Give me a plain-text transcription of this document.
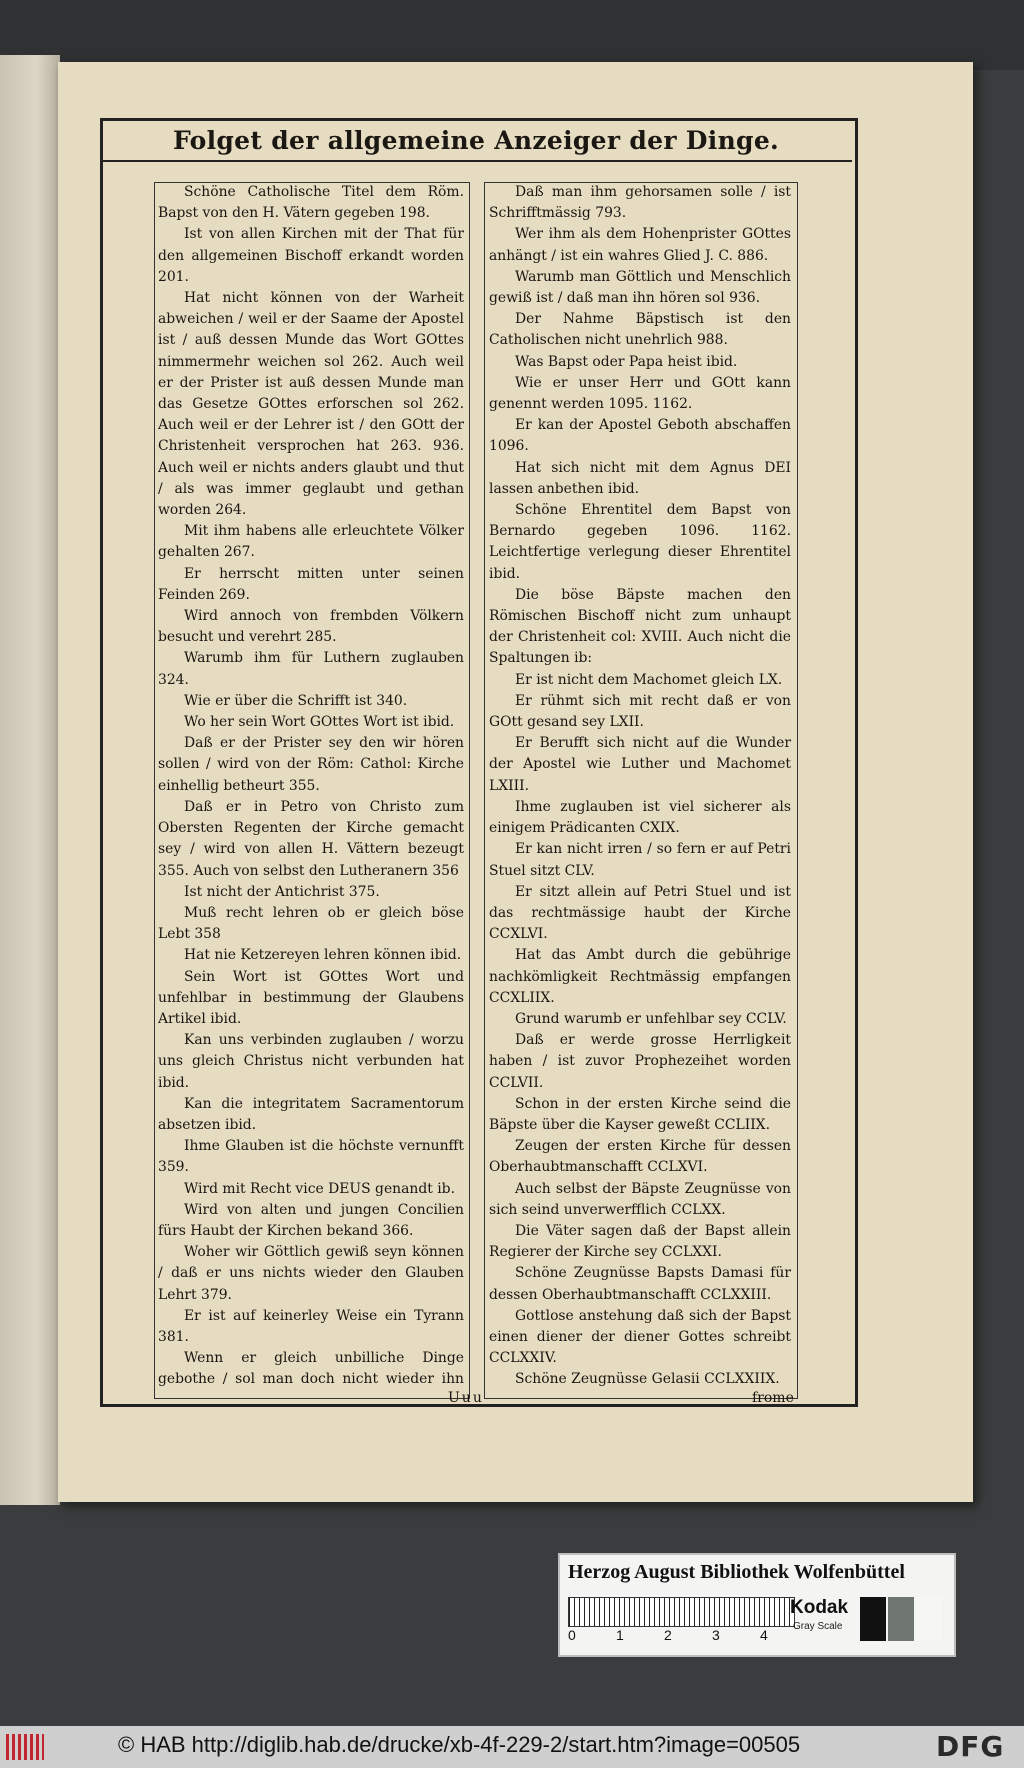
Folget der allgemeine Anzeiger der Dinge.

Schöne Catholische Titel dem Röm. Bapst von den H. Vätern gegeben 198.

Ist von allen Kirchen mit der That für den allgemeinen Bischoff erkandt worden 201.

Hat nicht können von der Warheit abweichen / weil er der Saame der Apostel ist / auß dessen Munde das Wort GOttes nimmermehr weichen sol 262. Auch weil er der Prister ist auß dessen Munde man das Gesetze GOttes erforschen sol 262. Auch weil er der Lehrer ist / den GOtt der Christenheit versprochen hat 263. 936. Auch weil er nichts anders glaubt und thut / als was immer geglaubt und gethan worden 264.

Mit ihm habens alle erleuchtete Völker gehalten 267.

Er herrscht mitten unter seinen Feinden 269.

Wird annoch von frembden Völkern besucht und verehrt 285.

Warumb ihm für Luthern zuglauben 324.

Wie er über die Schrifft ist 340.

Wo her sein Wort GOttes Wort ist ibid.

Daß er der Prister sey den wir hören sollen / wird von der Röm: Cathol: Kirche einhellig betheurt 355.

Daß er in Petro von Christo zum Obersten Regenten der Kirche gemacht sey / wird von allen H. Vättern bezeugt 355. Auch von selbst den Lutheranern 356

Ist nicht der Antichrist 375.

Muß recht lehren ob er gleich böse Lebt 358

Hat nie Ketzereyen lehren können ibid.

Sein Wort ist GOttes Wort und unfehlbar in bestimmung der Glaubens Artikel ibid.

Kan uns verbinden zuglauben / worzu uns gleich Christus nicht verbunden hat ibid.

Kan die integritatem Sacramentorum absetzen ibid.

Ihme Glauben ist die höchste vernunfft 359.

Wird mit Recht vice DEUS genandt ib.

Wird von alten und jungen Concilien fürs Haubt der Kirchen bekand 366.

Woher wir Göttlich gewiß seyn können / daß er uns nichts wieder den Glauben Lehrt 379.

Er ist auf keinerley Weise ein Tyrann 381.

Wenn er gleich unbilliche Dinge gebothe / sol man doch nicht wieder ihn

Daß man ihm gehorsamen solle / ist Schrifftmässig 793.

Wer ihm als dem Hohenprister GOttes anhängt / ist ein wahres Glied J. C. 886.

Warumb man Göttlich und Menschlich gewiß ist / daß man ihn hören sol 936.

Der Nahme Bäpstisch ist den Catholischen nicht unehrlich 988.

Was Bapst oder Papa heist ibid.

Wie er unser Herr und GOtt kann genennt werden 1095. 1162.

Er kan der Apostel Geboth abschaffen 1096.

Hat sich nicht mit dem Agnus DEI lassen anbethen ibid.

Schöne Ehrentitel dem Bapst von Bernardo gegeben 1096. 1162. Leichtfertige verlegung dieser Ehrentitel ibid.

Die böse Bäpste machen den Römischen Bischoff nicht zum unhaupt der Christenheit col: XVIII. Auch nicht die Spaltungen ib:

Er ist nicht dem Machomet gleich LX.

Er rühmt sich mit recht daß er von GOtt gesand sey LXII.

Er Berufft sich nicht auf die Wunder der Apostel wie Luther und Machomet LXIII.

Ihme zuglauben ist viel sicherer als einigem Prädicanten CXIX.

Er kan nicht irren / so fern er auf Petri Stuel sitzt CLV.

Er sitzt allein auf Petri Stuel und ist das rechtmässige haubt der Kirche CCXLVI.

Hat das Ambt durch die gebührige nachkömligkeit Rechtmässig empfangen CCXLIIX.

Grund warumb er unfehlbar sey CCLV.

Daß er werde grosse Herrligkeit haben / ist zuvor Prophezeihet worden CCLVII.

Schon in der ersten Kirche seind die Bäpste über die Kayser geweßt CCLIIX.

Zeugen der ersten Kirche für dessen Oberhaubtmanschafft CCLXVI.

Auch selbst der Bäpste Zeugnüsse von sich seind unverwerfflich CCLXX.

Die Väter sagen daß der Bapst allein Regierer der Kirche sey CCLXXI.

Schöne Zeugnüsse Bapsts Damasi für dessen Oberhaubtmanschafft CCLXXIII.

Gottlose anstehung daß sich der Bapst einen diener der diener Gottes schreibt CCLXXIV.

Schöne Zeugnüsse Gelasii CCLXXIIX.

Uuu	frome
Herzog August Bibliothek Wolfenbüttel
0	1	2	3	4
Kodak
Gray Scale
© HAB http://diglib.hab.de/drucke/xb-4f-229-2/start.htm?image=00505	DFG
